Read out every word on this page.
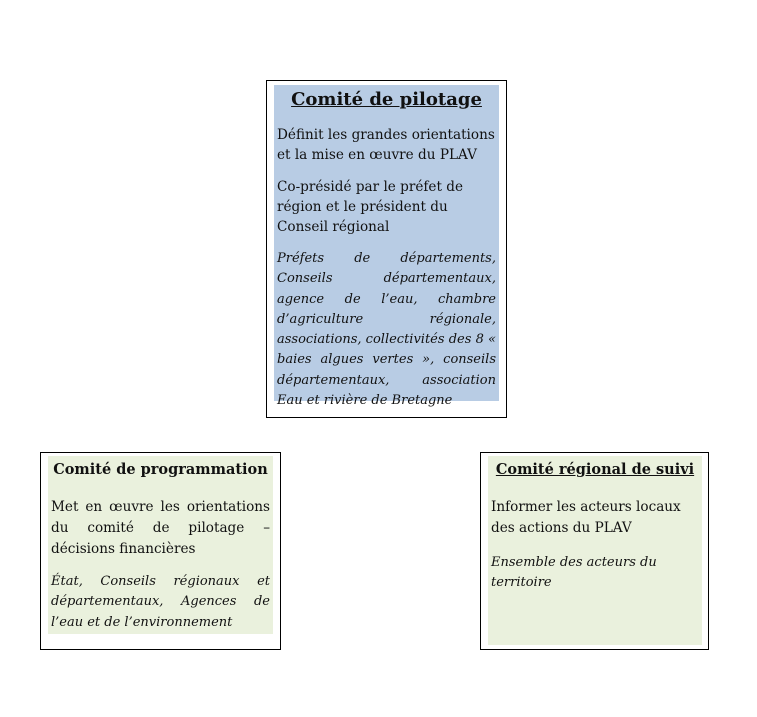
Comité de pilotage

Définit les grandes orientations et la mise en œuvre du PLAV

Co-présidé par le préfet de région et le président du Conseil régional

Préfets de départements, Conseils départementaux, agence de l’eau, chambre d’agriculture régionale, associations, collectivités des 8 « baies algues vertes », conseils départementaux, association Eau et rivière de Bretagne

Comité de programmation

Met en œuvre les orientations du comité de pilotage – décisions financières

État, Conseils régionaux et départementaux, Agences de l’eau et de l’environnement

Comité régional de suivi

Informer les acteurs locaux des actions du PLAV

Ensemble des acteurs du territoire
